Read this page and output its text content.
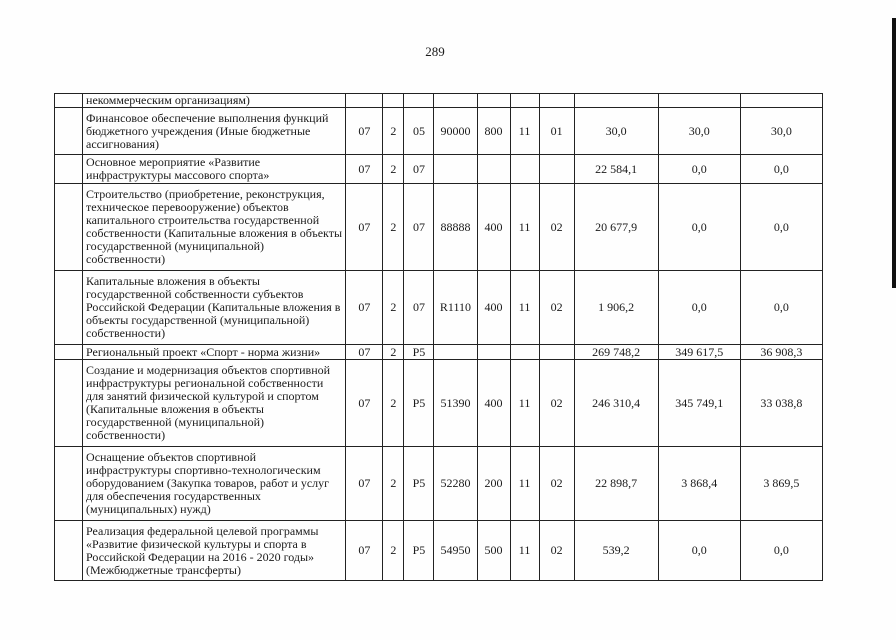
289
	некоммерческим организациям)										
	Финансовое обеспечение выполнения функций бюджетного учреждения (Иные бюджетные ассигнования)	07	2	05	90000	800	11	01	30,0	30,0	30,0
	Основное мероприятие «Развитие инфраструктуры массового спорта»	07	2	07					22 584,1	0,0	0,0
	Строительство (приобретение, реконструкция, техническое перевооружение) объектов капитального строительства государственной собственности (Капитальные вложения в объекты государственной (муниципальной) собственности)	07	2	07	88888	400	11	02	20 677,9	0,0	0,0
	Капитальные вложения в объекты государственной собственности субъектов Российской Федерации (Капитальные вложения в объекты государственной (муниципальной) собственности)	07	2	07	R1110	400	11	02	1 906,2	0,0	0,0
	Региональный проект «Спорт - норма жизни»	07	2	P5					269 748,2	349 617,5	36 908,3
	Создание и модернизация объектов спортивной инфраструктуры региональной собственности для занятий физической культурой и спортом (Капитальные вложения в объекты государственной (муниципальной) собственности)	07	2	P5	51390	400	11	02	246 310,4	345 749,1	33 038,8
	Оснащение объектов спортивной инфраструктуры спортивно-технологическим оборудованием (Закупка товаров, работ и услуг для обеспечения государственных (муниципальных) нужд)	07	2	P5	52280	200	11	02	22 898,7	3 868,4	3 869,5
	Реализация федеральной целевой программы «Развитие физической культуры и спорта в Российской Федерации на 2016 - 2020 годы» (Межбюджетные трансферты)	07	2	P5	54950	500	11	02	539,2	0,0	0,0
